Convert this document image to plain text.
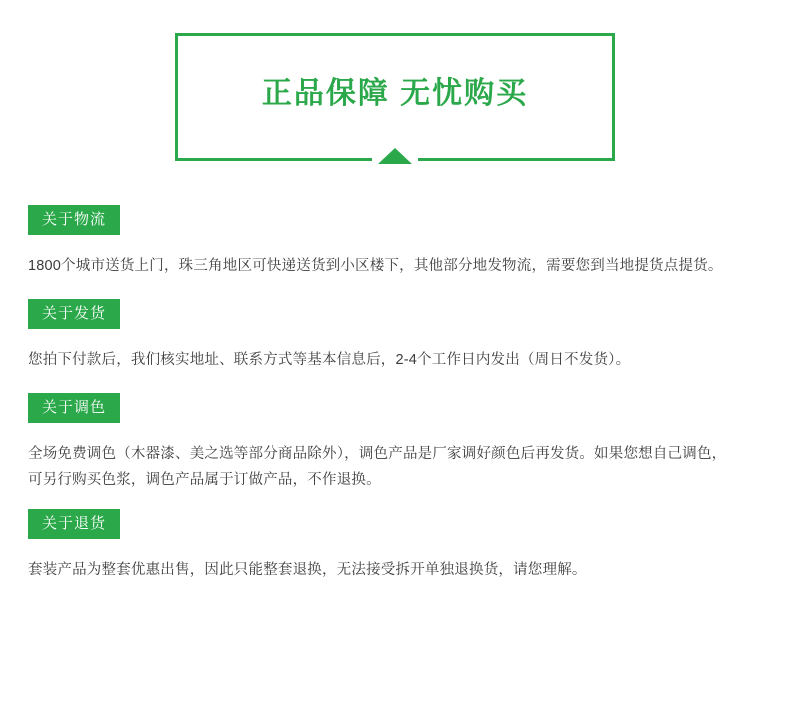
正品保障 无忧购买
关于物流

1800个城市送货上门，珠三角地区可快递送货到小区楼下，其他部分地发物流，需要您到当地提货点提货。

关于发货

您拍下付款后，我们核实地址、联系方式等基本信息后，2-4个工作日内发出（周日不发货）。

关于调色

全场免费调色（木器漆、美之选等部分商品除外），调色产品是厂家调好颜色后再发货。如果您想自己调色，

可另行购买色浆，调色产品属于订做产品，不作退换。

关于退货

套装产品为整套优惠出售，因此只能整套退换，无法接受拆开单独退换货，请您理解。
